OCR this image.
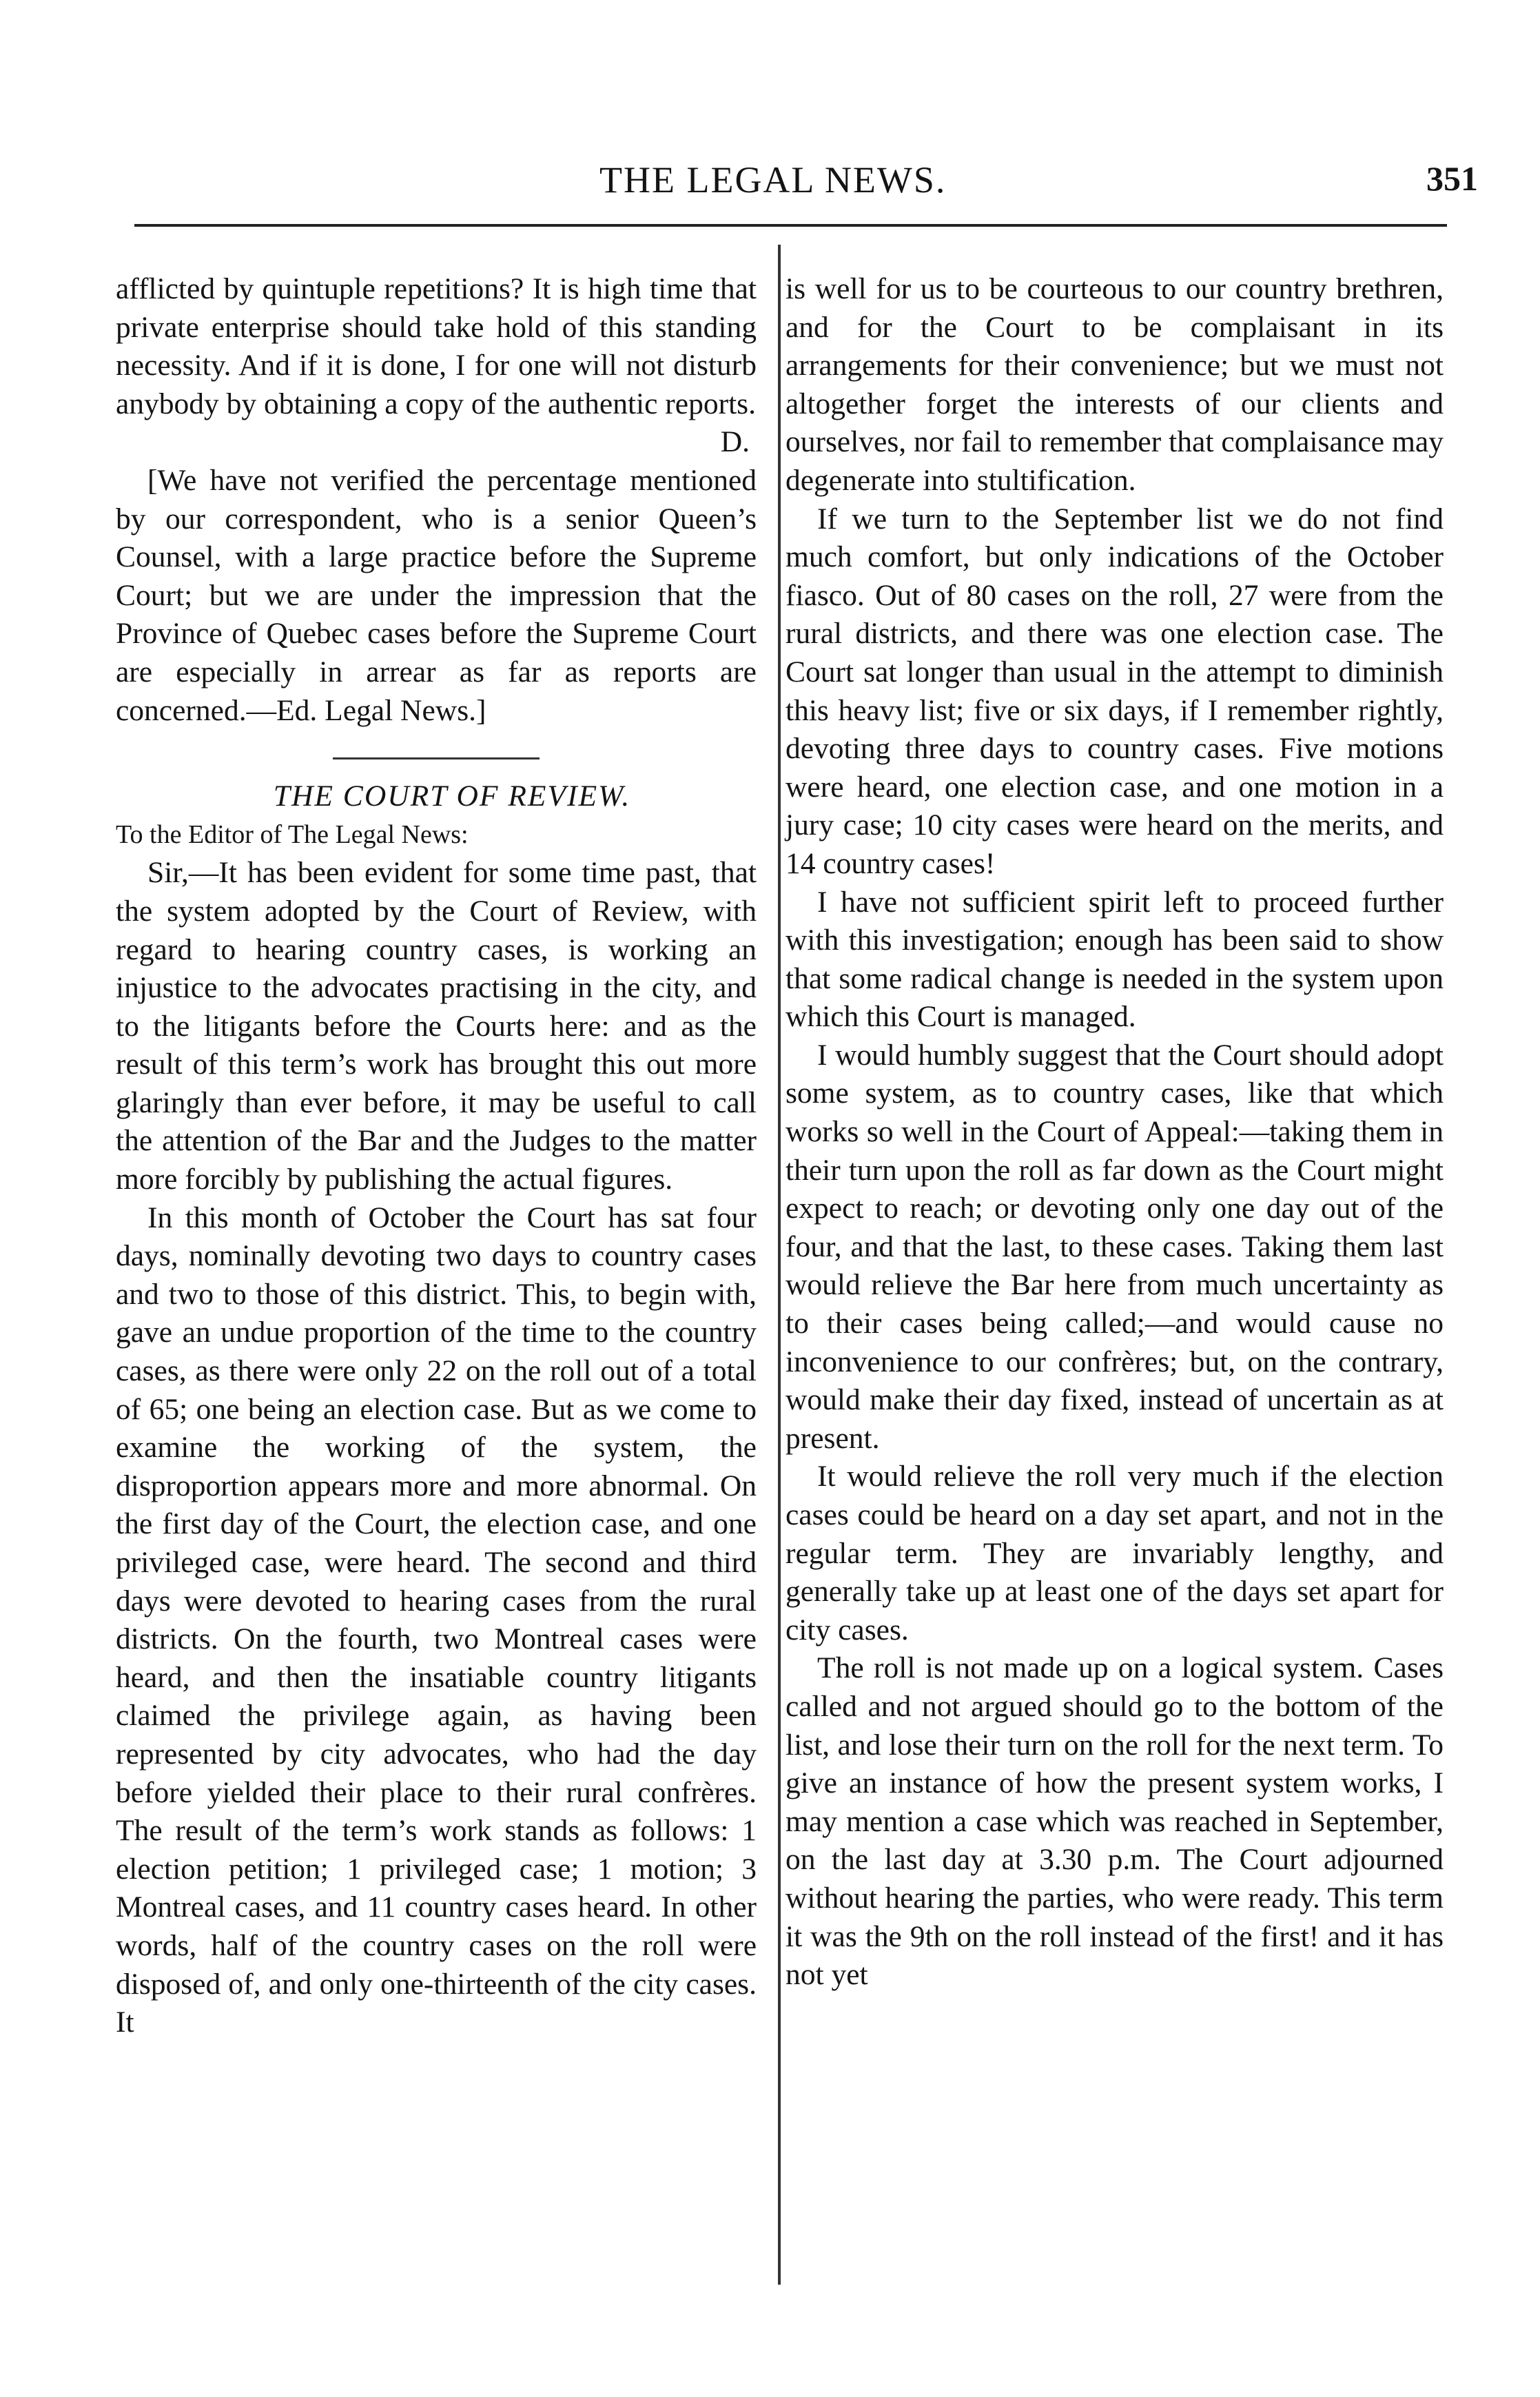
THE LEGAL NEWS.	351

afflicted by quintuple repetitions? It is high time that private enterprise should take hold of this standing necessity. And if it is done, I for one will not disturb anybody by obtaining a copy of the authentic reports.

D.

[We have not verified the percentage mentioned by our correspondent, who is a senior Queen’s Counsel, with a large practice before the Supreme Court; but we are under the impression that the Province of Quebec cases before the Supreme Court are especially in arrear as far as reports are concerned.—Ed. Legal News.]

THE COURT OF REVIEW.

To the Editor of The Legal News:

Sir,—It has been evident for some time past, that the system adopted by the Court of Review, with regard to hearing country cases, is working an injustice to the advocates practising in the city, and to the litigants before the Courts here: and as the result of this term’s work has brought this out more glaringly than ever before, it may be useful to call the attention of the Bar and the Judges to the matter more forcibly by publishing the actual figures.

In this month of October the Court has sat four days, nominally devoting two days to country cases and two to those of this district. This, to begin with, gave an undue proportion of the time to the country cases, as there were only 22 on the roll out of a total of 65; one being an election case. But as we come to examine the working of the system, the disproportion appears more and more abnormal. On the first day of the Court, the election case, and one privileged case, were heard. The second and third days were devoted to hearing cases from the rural districts. On the fourth, two Montreal cases were heard, and then the insatiable country litigants claimed the privilege again, as having been represented by city advocates, who had the day before yielded their place to their rural confrères. The result of the term’s work stands as follows: 1 election petition; 1 privileged case; 1 motion; 3 Montreal cases, and 11 country cases heard. In other words, half of the country cases on the roll were disposed of, and only one-thirteenth of the city cases. It

is well for us to be courteous to our country brethren, and for the Court to be complaisant in its arrangements for their convenience; but we must not altogether forget the interests of our clients and ourselves, nor fail to remember that complaisance may degenerate into stultification.

If we turn to the September list we do not find much comfort, but only indications of the October fiasco. Out of 80 cases on the roll, 27 were from the rural districts, and there was one election case. The Court sat longer than usual in the attempt to diminish this heavy list; five or six days, if I remember rightly, devoting three days to country cases. Five motions were heard, one election case, and one motion in a jury case; 10 city cases were heard on the merits, and 14 country cases!

I have not sufficient spirit left to proceed further with this investigation; enough has been said to show that some radical change is needed in the system upon which this Court is managed.

I would humbly suggest that the Court should adopt some system, as to country cases, like that which works so well in the Court of Appeal:—taking them in their turn upon the roll as far down as the Court might expect to reach; or devoting only one day out of the four, and that the last, to these cases. Taking them last would relieve the Bar here from much uncertainty as to their cases being called;—and would cause no inconvenience to our confrères; but, on the contrary, would make their day fixed, instead of uncertain as at present.

It would relieve the roll very much if the election cases could be heard on a day set apart, and not in the regular term. They are invariably lengthy, and generally take up at least one of the days set apart for city cases.

The roll is not made up on a logical system. Cases called and not argued should go to the bottom of the list, and lose their turn on the roll for the next term. To give an instance of how the present system works, I may mention a case which was reached in September, on the last day at 3.30 p.m. The Court adjourned without hearing the parties, who were ready. This term it was the 9th on the roll instead of the first! and it has not yet
